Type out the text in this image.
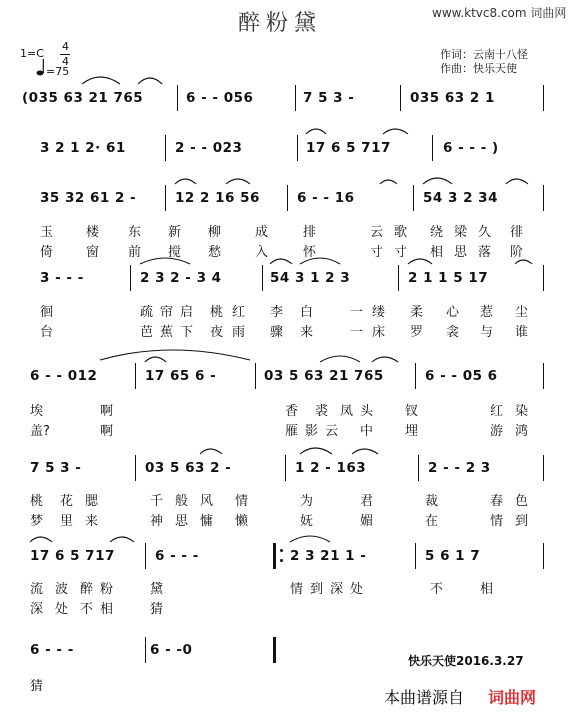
www.ktvc8.com 词曲网
醉粉黛
1=C
4
4
=75
作词：云南十八怪
作曲：快乐天使
(035 63 21 765	6 - - 056	7 5 3 -	035 63 2 1
3 2 1 2· 61	2 - - 023	17 6 5 717	6 - - - )
35 32 61 2 -	12 2 16 56	6 - - 16	54 3 2 34
玉	楼 东 新 柳	成	排	云 歌 绕 梁 久 徘
倚	窗 前 搅 愁	入	怀	寸 寸 相 思 落 阶
3 - - -	2 3 2 - 3 4	54 3 1 2 3	2 1 1 5 17
徊	疏 帘 启 桃 红 李 白	一 缕 柔 心 惹 尘
台	芭 蕉 下 夜 雨 骤 来	一 床 罗 衾 与 谁
6 - - 012	17 65 6 -	03 5 63 21 765	6 - - 05 6
埃	啊	香 裘 凤 头 钗	红 染
盖?	啊	雁 影 云 中 埋	游 鸿
7 5 3 -	03 5 63 2 -	1 2 - 163	2 - - 2 3
桃 花 腮	千 般 风 情	为	君	裁	春 色
梦 里 来	神 思 慵 懒	妩	媚	在	情 到
17 6 5 717	6 - - -	2 3 21 1 -	5 6 1 7
流 波 醉 粉	黛	情 到 深 处	不	相
深 处 不 相	猜
6 - - -	6 - -0
猜
快乐天使2016.3.27
本曲谱源自 词曲网
